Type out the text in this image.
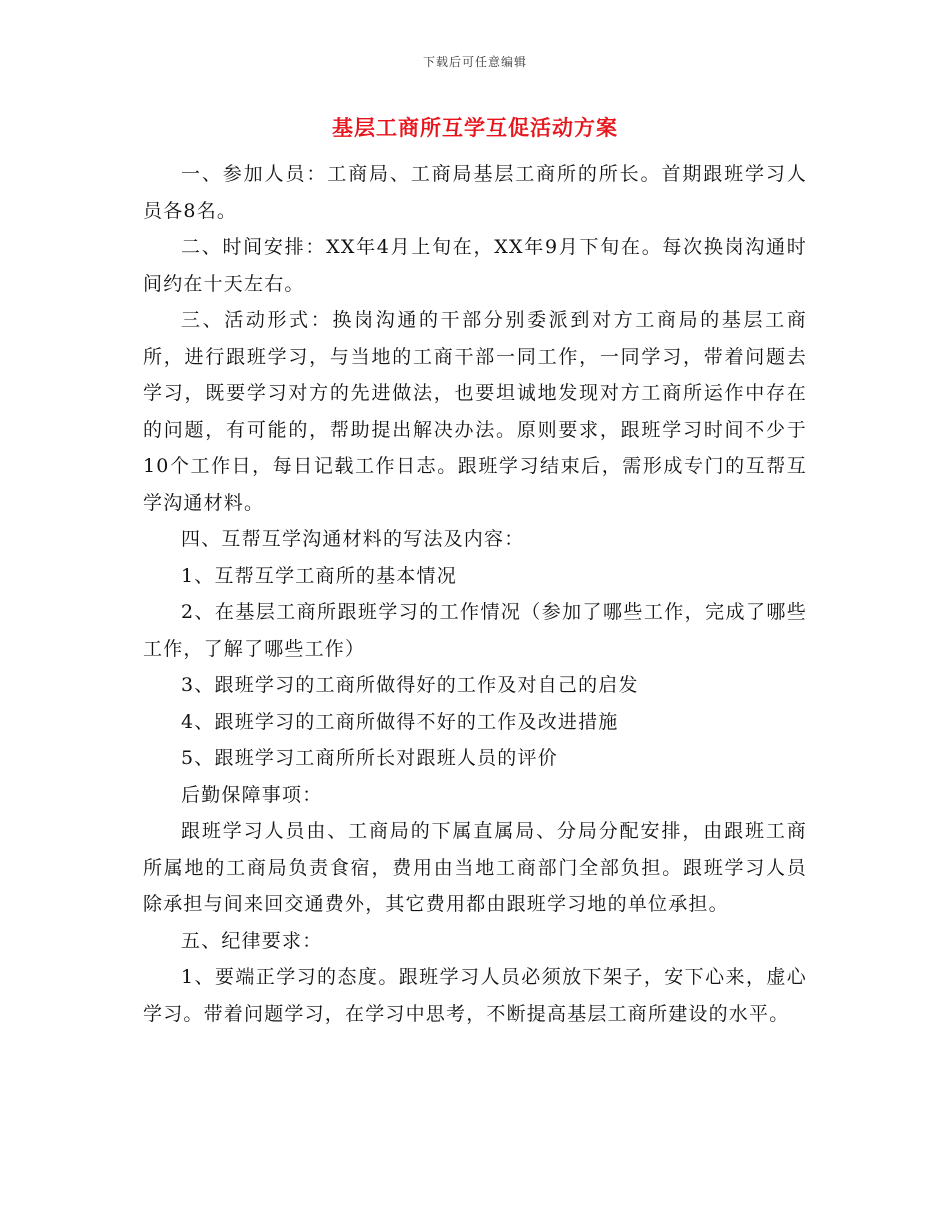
下载后可任意编辑
基层工商所互学互促活动方案

一、参加人员：工商局、工商局基层工商所的所长。首期跟班学习人员各8名。

二、时间安排：XX年4月上旬在，XX年9月下旬在。每次换岗沟通时间约在十天左右。

三、活动形式：换岗沟通的干部分别委派到对方工商局的基层工商所，进行跟班学习，与当地的工商干部一同工作，一同学习，带着问题去学习，既要学习对方的先进做法，也要坦诚地发现对方工商所运作中存在的问题，有可能的，帮助提出解决办法。原则要求，跟班学习时间不少于10个工作日，每日记载工作日志。跟班学习结束后，需形成专门的互帮互学沟通材料。

四、互帮互学沟通材料的写法及内容：

1、互帮互学工商所的基本情况

2、在基层工商所跟班学习的工作情况（参加了哪些工作，完成了哪些工作，了解了哪些工作）

3、跟班学习的工商所做得好的工作及对自己的启发

4、跟班学习的工商所做得不好的工作及改进措施

5、跟班学习工商所所长对跟班人员的评价

后勤保障事项：

跟班学习人员由、工商局的下属直属局、分局分配安排，由跟班工商所属地的工商局负责食宿，费用由当地工商部门全部负担。跟班学习人员除承担与间来回交通费外，其它费用都由跟班学习地的单位承担。

五、纪律要求：

1、要端正学习的态度。跟班学习人员必须放下架子，安下心来，虚心学习。带着问题学习，在学习中思考，不断提高基层工商所建设的水平。
